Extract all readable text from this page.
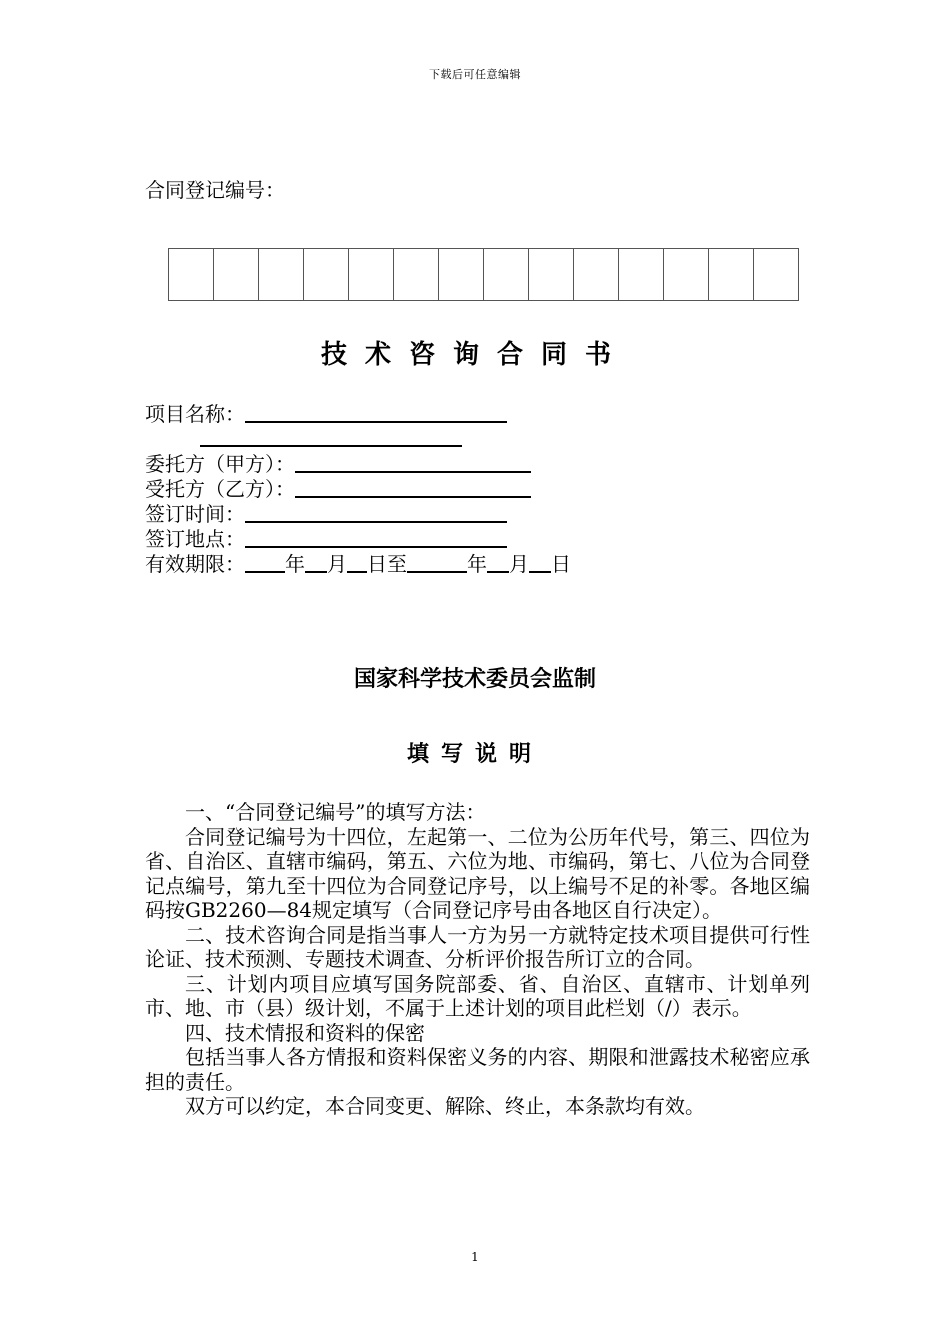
下载后可任意编辑
合同登记编号：
技术咨询合同书
项目名称：
委托方（甲方）：
受托方（乙方）：
签订时间：
签订地点：
有效期限： 年 月 日至	年 月 日
国家科学技术委员会监制
填写说明

一、“合同登记编号”的填写方法：

合同登记编号为十四位，左起第一、二位为公历年代号，第三、四位为省、自治区、直辖市编码，第五、六位为地、市编码，第七、八位为合同登记点编号，第九至十四位为合同登记序号，以上编号不足的补零。各地区编码按GB2260—84规定填写（合同登记序号由各地区自行决定）。

二、技术咨询合同是指当事人一方为另一方就特定技术项目提供可行性论证、技术预测、专题技术调查、分析评价报告所订立的合同。

三、计划内项目应填写国务院部委、省、自治区、直辖市、计划单列市、地、市（县）级计划，不属于上述计划的项目此栏划（/）表示。

四、技术情报和资料的保密

包括当事人各方情报和资料保密义务的内容、期限和泄露技术秘密应承担的责任。

双方可以约定，本合同变更、解除、终止，本条款均有效。

1
